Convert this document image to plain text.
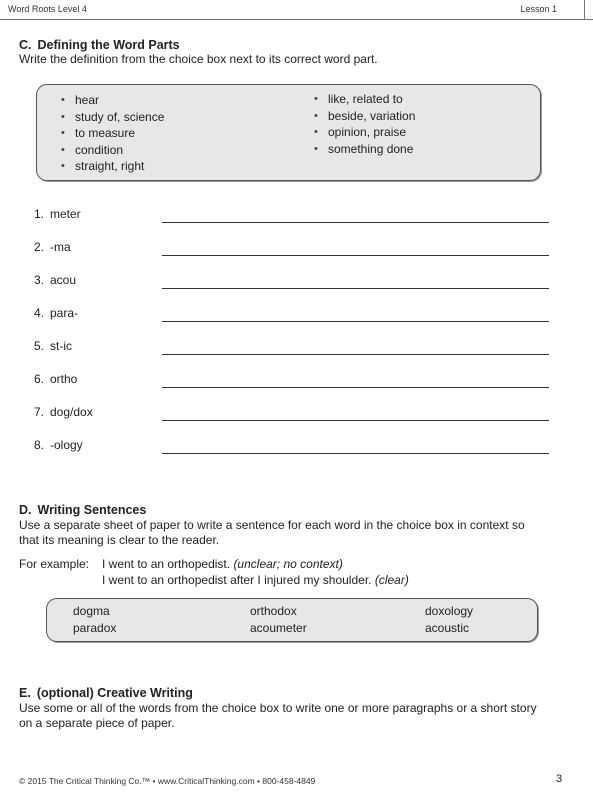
Word Roots Level 4	Lesson 1
C. Defining the Word Parts
Write the definition from the choice box next to its correct word part.
• hear
• study of, science
• to measure
• condition
• straight, right
• like, related to
• beside, variation
• opinion, praise
• something done
1. meter
2. -ma
3. acou
4. para-
5. st-ic
6. ortho
7. dog/dox
8. -ology
D. Writing Sentences
Use a separate sheet of paper to write a sentence for each word in the choice box in context so
that its meaning is clear to the reader.
For example: I went to an orthopedist. (unclear; no context)
I went to an orthopedist after I injured my shoulder. (clear)
dogma
paradox
orthodox
acoumeter
doxology
acoustic
E. (optional) Creative Writing
Use some or all of the words from the choice box to write one or more paragraphs or a short story
on a separate piece of paper.
© 2015 The Critical Thinking Co.™ • www.CriticalThinking.com • 800-458-4849	3
